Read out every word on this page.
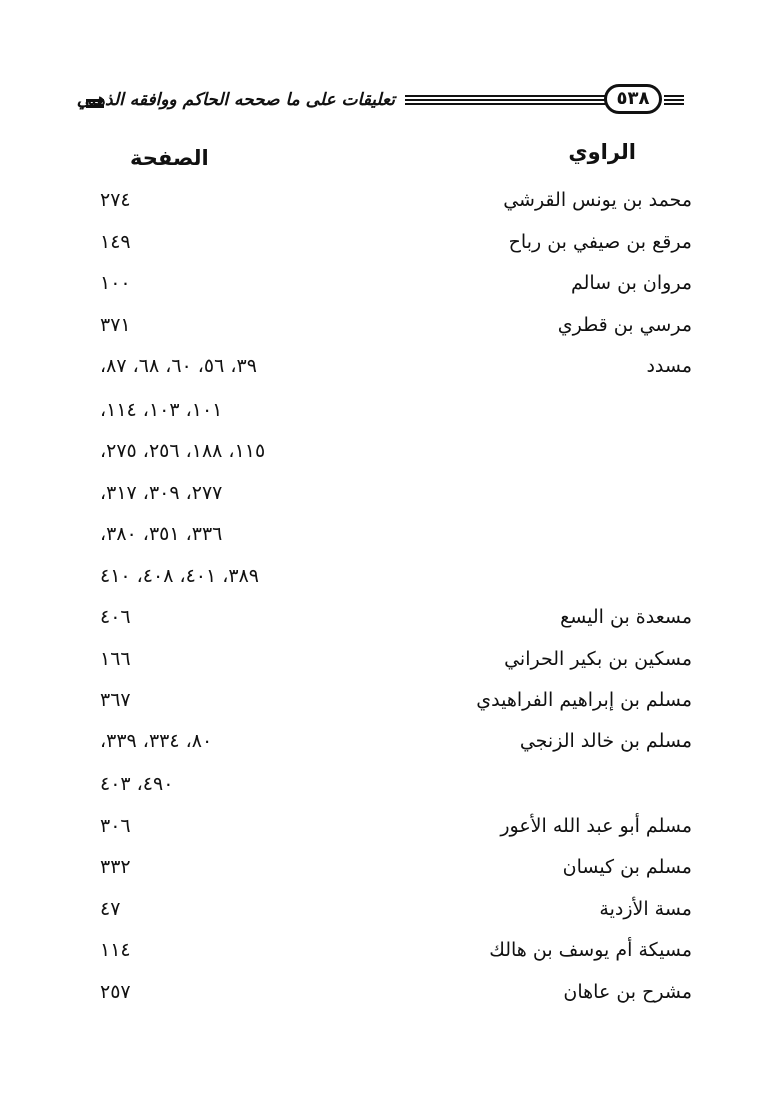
تعليقات على ما صححه الحاكم ووافقه الذهبي	٥٣٨
الراوي
الصفحة
محمد بن يونس القرشي
٢٧٤
مرقع بن صيفي بن رباح
١٤٩
مروان بن سالم
١٠٠
مرسي بن قطري
٣٧١
مسدد
٣٩، ٥٦، ٦٠، ٦٨، ٨٧،
١٠١، ١٠٣، ١١٤،
١١٥، ١٨٨، ٢٥٦، ٢٧٥،
٢٧٧، ٣٠٩، ٣١٧،
٣٣٦، ٣٥١، ٣٨٠،
٣٨٩، ٤٠١، ٤٠٨، ٤١٠
مسعدة بن اليسع
٤٠٦
مسكين بن بكير الحراني
١٦٦
مسلم بن إبراهيم الفراهيدي
٣٦٧
مسلم بن خالد الزنجي
٨٠، ٣٣٤، ٣٣٩،
٤٩٠، ٤٠٣
مسلم أبو عبد الله الأعور
٣٠٦
مسلم بن كيسان
٣٣٢
مسة الأزدية
٤٧
مسيكة أم يوسف بن هالك
١١٤
مشرح بن عاهان
٢٥٧
